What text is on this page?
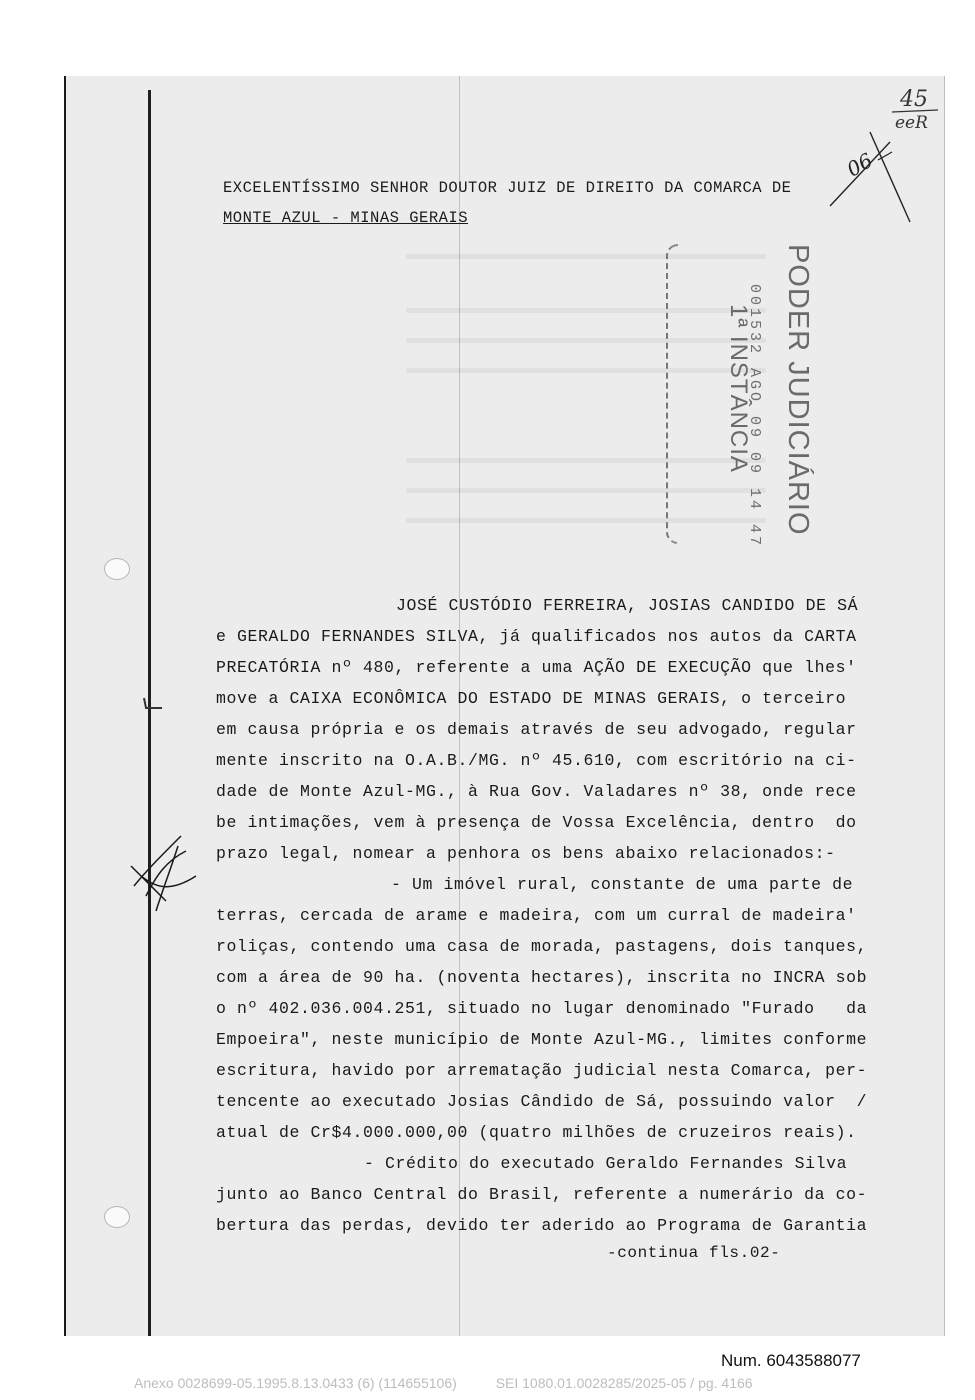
EXCELENTÍSSIMO SENHOR DOUTOR JUIZ DE DIREITO DA COMARCA DE
MONTE AZUL - MINAS GERAIS
PODER JUDICIÁRIO
001532 AGO 09 09 14 47
1ª INSTÂNCIA
JOSÉ CUSTÓDIO FERREIRA, JOSIAS CANDIDO DE SÁ
e GERALDO FERNANDES SILVA, já qualificados nos autos da CARTA
PRECATÓRIA nº 480, referente a uma AÇÃO DE EXECUÇÃO que lhes'
move a CAIXA ECONÔMICA DO ESTADO DE MINAS GERAIS, o terceiro
em causa própria e os demais através de seu advogado, regular
mente inscrito na O.A.B./MG. nº 45.610, com escritório na ci-
dade de Monte Azul-MG., à Rua Gov. Valadares nº 38, onde rece
be intimações, vem à presença de Vossa Excelência, dentro  do
prazo legal, nomear a penhora os bens abaixo relacionados:-
- Um imóvel rural, constante de uma parte de
terras, cercada de arame e madeira, com um curral de madeira'
roliças, contendo uma casa de morada, pastagens, dois tanques,
com a área de 90 ha. (noventa hectares), inscrita no INCRA sob
o nº 402.036.004.251, situado no lugar denominado "Furado   da
Empoeira", neste município de Monte Azul-MG., limites conforme
escritura, havido por arrematação judicial nesta Comarca, per-
tencente ao executado Josias Cândido de Sá, possuindo valor  /
atual de Cr$4.000.000,00 (quatro milhões de cruzeiros reais).
- Crédito do executado Geraldo Fernandes Silva
junto ao Banco Central do Brasil, referente a numerário da co-
bertura das perdas, devido ter aderido ao Programa de Garantia
-continua fls.02-
45
eeR
06
Num. 6043588077
Anexo 0028699-05.1995.8.13.0433 (6) (114655106)	SEI 1080.01.0028285/2025-05 / pg. 4166
